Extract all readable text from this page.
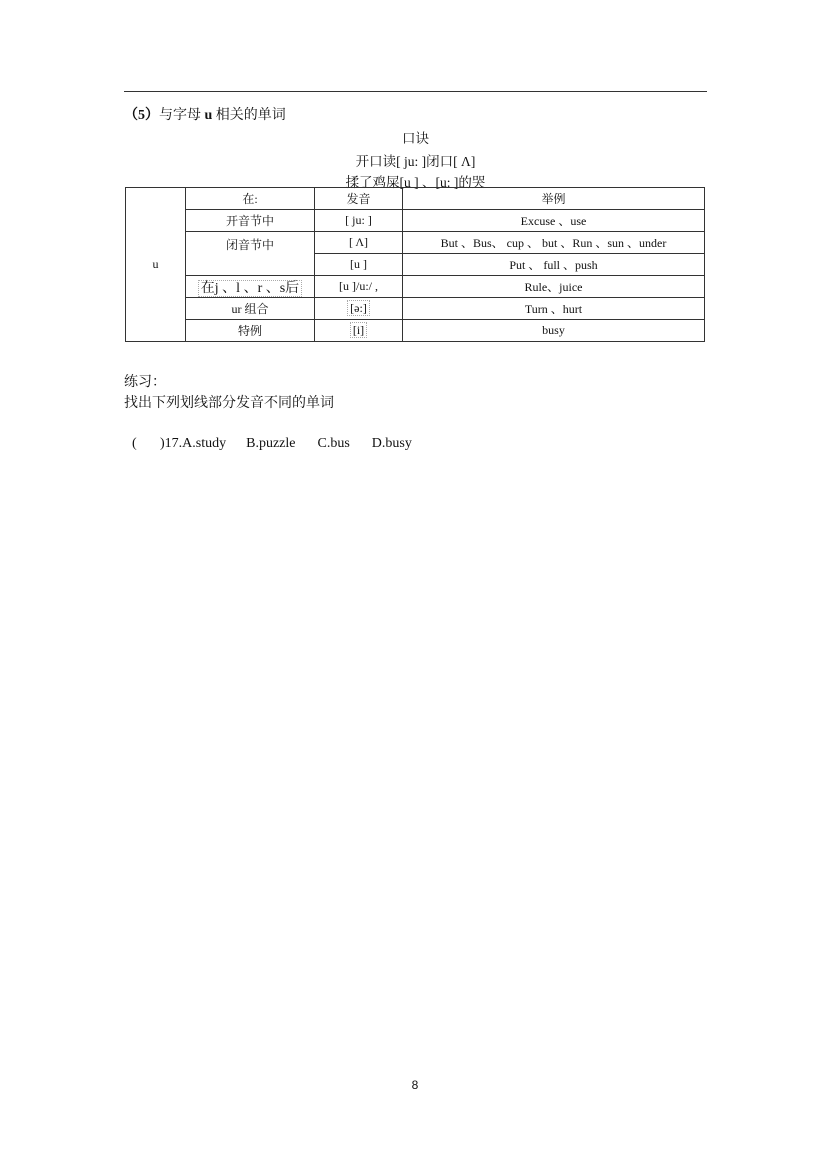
（5）与字母 u 相关的单词
口诀
开口读[ ju: ]闭口[ Λ]
揉了鸡屎[u ] 、[u: ]的哭
u	在:	发音	举例
	开音节中	[ ju: ]	Excuse 、use
	闭音节中	[ Λ]	But 、Bus、 cup 、 but 、Run 、sun 、under
		[u ]	Put 、 full 、push
	在j 、l 、r 、s后	[u ]/u:/ ,	Rule、juice
	ur 组合	[ə:]	Turn 、hurt
	特例	[i]	busy
练习：
找出下列划线部分发音不同的单词
( )17.A.study B.puzzle C.bus D.busy
8
